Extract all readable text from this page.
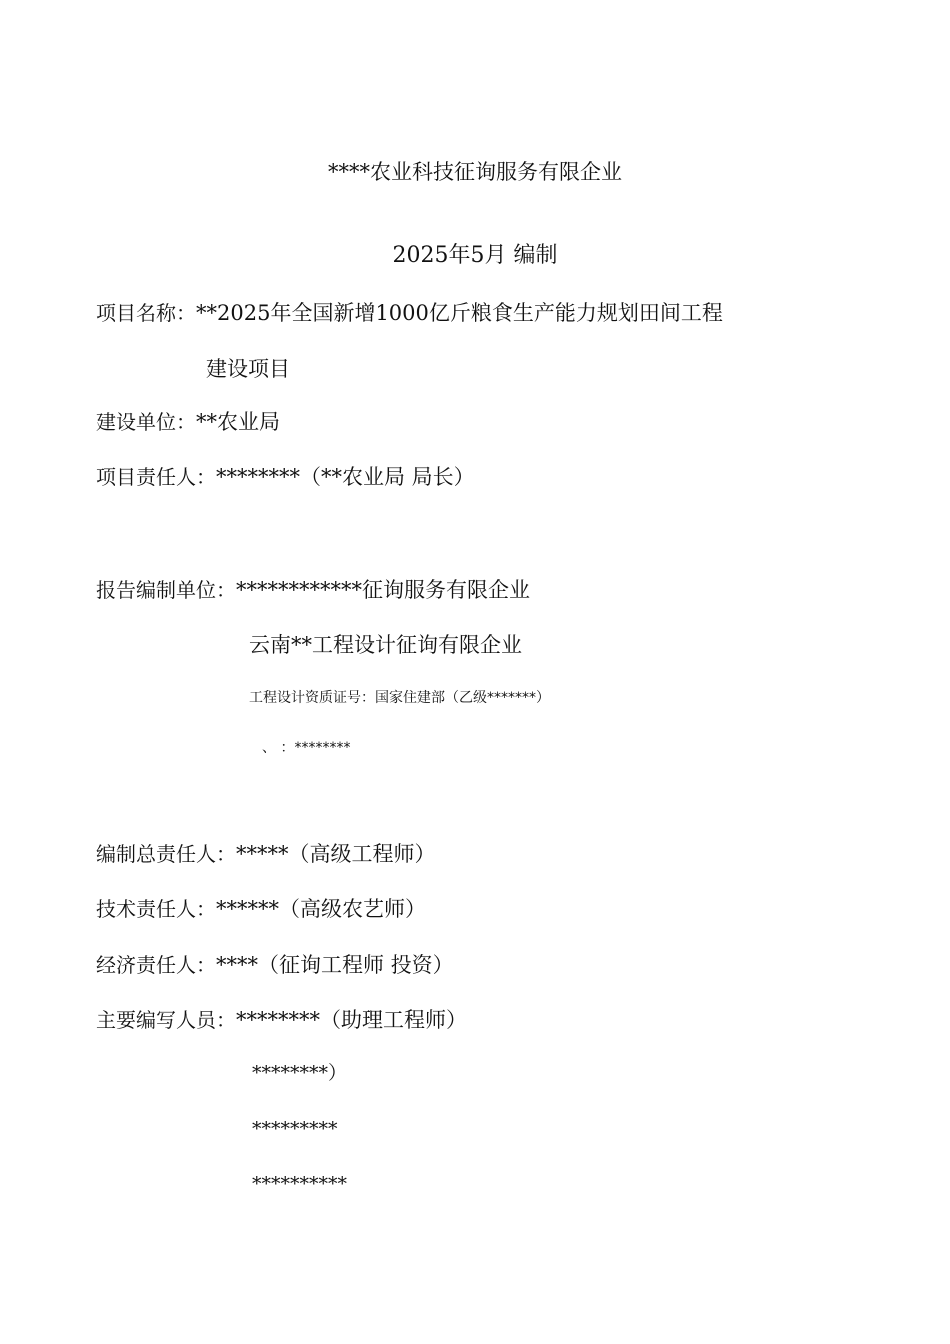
****农业科技征询服务有限企业
2025年5月 编制
项目名称：**2025年全国新增1000亿斤粮食生产能力规划田间工程
建设项目
建设单位：**农业局
项目责任人：********（**农业局 局长）
报告编制单位：************征询服务有限企业
云南**工程设计征询有限企业
工程设计资质证号：国家住建部（乙级*******）
、 ：********
编制总责任人：*****（高级工程师）
技术责任人：******（高级农艺师）
经济责任人：****（征询工程师 投资）
主要编写人员：********（助理工程师）
********）
*********
**********
